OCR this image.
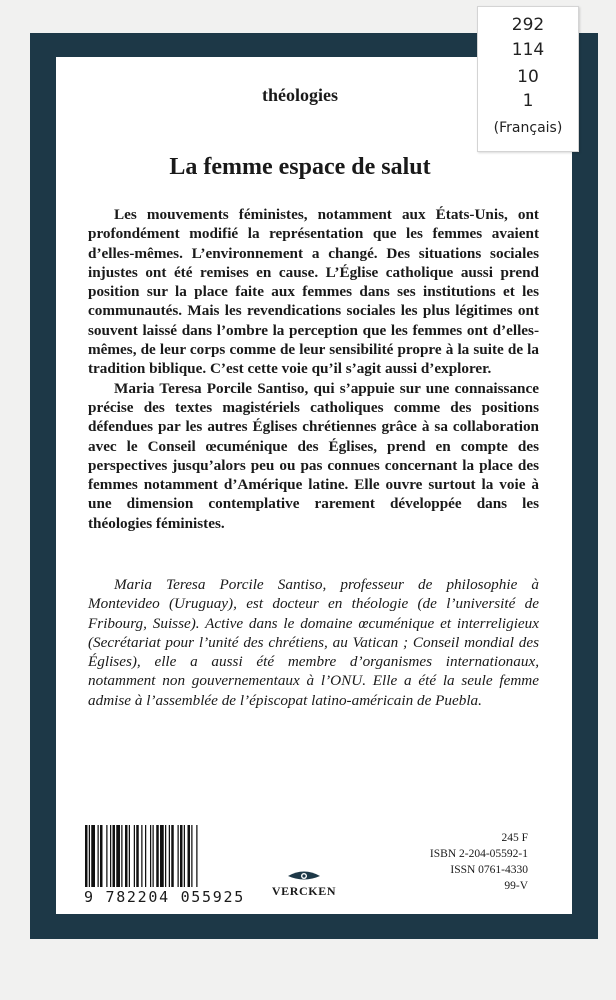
théologies
La femme espace de salut

Les mouvements féministes, notamment aux États-Unis, ont profondément modifié la représentation que les femmes avaient d’elles-mêmes. L’environnement a changé. Des situations sociales injustes ont été remises en cause. L’Église catholique aussi prend position sur la place faite aux femmes dans ses institutions et les communautés. Mais les revendications sociales les plus légitimes ont souvent laissé dans l’ombre la perception que les femmes ont d’elles-mêmes, de leur corps comme de leur sensibilité propre à la suite de la tradition biblique. C’est cette voie qu’il s’agit aussi d’explorer.

Maria Teresa Porcile Santiso, qui s’appuie sur une connaissance précise des textes magistériels catholiques comme des positions défendues par les autres Églises chrétiennes grâce à sa collaboration avec le Conseil œcuménique des Églises, prend en compte des perspectives jusqu’alors peu ou pas connues concernant la place des femmes notamment d’Amérique latine. Elle ouvre surtout la voie à une dimension contemplative rarement développée dans les théologies féministes.

Maria Teresa Porcile Santiso, professeur de philosophie à Montevideo (Uruguay), est docteur en théologie (de l’université de Fribourg, Suisse). Active dans le domaine œcuménique et interreligieux (Secrétariat pour l’unité des chrétiens, au Vatican ; Conseil mondial des Églises), elle a aussi été membre d’organismes internationaux, notamment non gouvernementaux à l’ONU. Elle a été la seule femme admise à l’assemblée de l’épiscopat latino-américain de Puebla.

9 782204 055925	VERCKEN
245 F
ISBN 2-204-05592-1
ISSN 0761-4330
99-V
292
114
10
1
(Français)
